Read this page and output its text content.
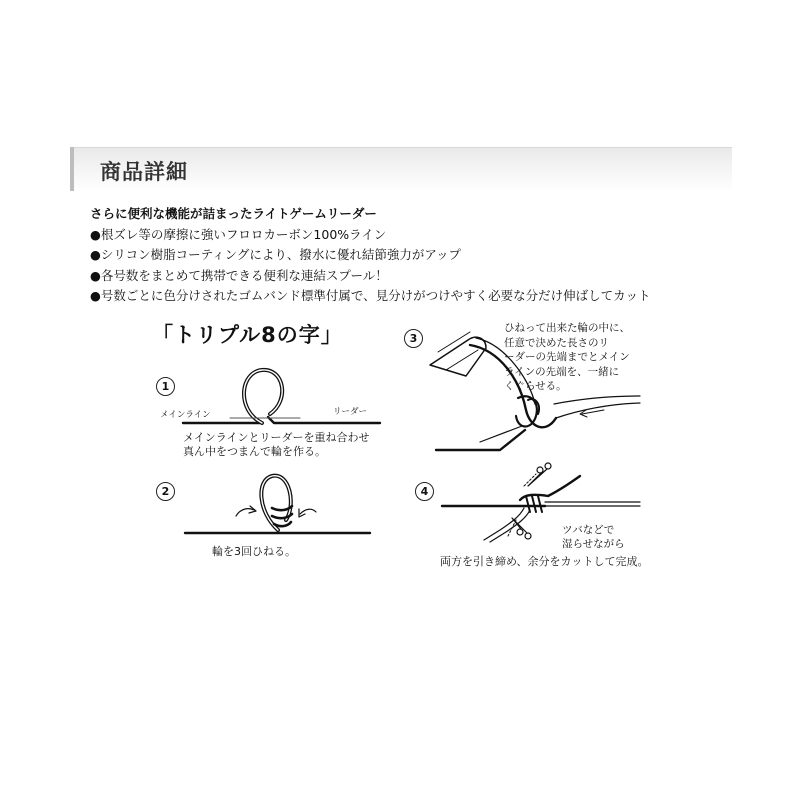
商品詳細
さらに便利な機能が詰まったライトゲームリーダー
●根ズレ等の摩擦に強いフロロカーボン100%ライン
●シリコン樹脂コーティングにより、撥水に優れ結節強力がアップ
●各号数をまとめて携帯できる便利な連結スプール！
●号数ごとに色分けされたゴムバンド標準付属で、見分けがつけやすく必要な分だけ伸ばしてカット
「トリプル8の字」
1
メインライン	リーダー
メインラインとリーダーを重ね合わせ
真ん中をつまんで輪を作る。
2
輪を3回ひねる。
3
ひねって出来た輪の中に、
任意で決めた長さのリ
ーダーの先端までとメイン
ラインの先端を、一緒に
くぐらせる。
4
ツバなどで
湿らせながら
両方を引き締め、余分をカットして完成。
